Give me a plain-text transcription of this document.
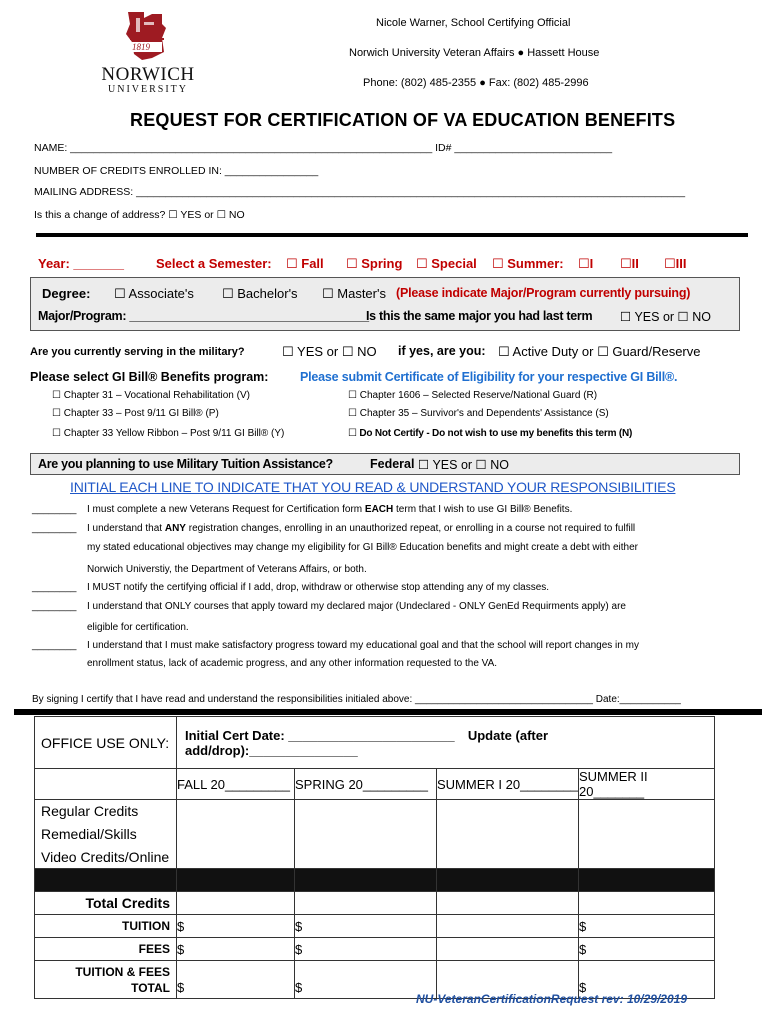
1819
NORWICH
UNIVERSITY
Nicole Warner, School Certifying Official
Norwich University Veteran Affairs ● Hassett House
Phone: (802) 485-2355 ● Fax: (802) 485-2996
REQUEST FOR CERTIFICATION OF VA EDUCATION BENEFITS
NAME: ______________________________________________________________ ID# ___________________________
NUMBER OF CREDITS ENROLLED IN: ________________
MAILING ADDRESS: ______________________________________________________________________________________________
Is this a change of address? ☐ YES or ☐ NO
Year: _______ Select a Semester: ☐ Fall ☐ Spring ☐ Special ☐ Summer: ☐I ☐II ☐III
Degree: ☐ Associate's ☐ Bachelor's ☐ Master's (Please indicate Major/Program currently pursuing)
Major/Program: ____________________________________
Is this the same major you had last term ☐ YES or ☐ NO
Are you currently serving in the military?	☐ YES or ☐ NO if yes, are you: ☐ Active Duty or ☐ Guard/Reserve
Please select GI Bill® Benefits program:	Please submit Certificate of Eligibility for your respective GI Bill®.
☐ Chapter 31 – Vocational Rehabilitation (V)
☐ Chapter 33 – Post 9/11 GI Bill® (P)
☐ Chapter 33 Yellow Ribbon – Post 9/11 GI Bill® (Y)
☐ Chapter 1606 – Selected Reserve/National Guard (R)
☐ Chapter 35 – Survivor's and Dependents' Assistance (S)
☐ Do Not Certify - Do not wish to use my benefits this term (N)
Are you planning to use Military Tuition Assistance?	Federal ☐ YES or ☐ NO
INITIAL EACH LINE TO INDICATE THAT YOU READ & UNDERSTAND YOUR RESPONSIBILITIES
________ I must complete a new Veterans Request for Certification form EACH term that I wish to use GI Bill® Benefits.
________ I understand that ANY registration changes, enrolling in an unauthorized repeat, or enrolling in a course not required to fulfill
my stated educational objectives may change my eligibility for GI Bill® Education benefits and might create a debt with either
Norwich Universtiy, the Department of Veterans Affairs, or both.
________ I MUST notify the certifying official if I add, drop, withdraw or otherwise stop attending any of my classes.
________ I understand that ONLY courses that apply toward my declared major (Undeclared - ONLY GenEd Requirments apply) are
eligible for certification.
________ I understand that I must make satisfactory progress toward my educational goal and that the school will report changes in my
enrollment status, lack of academic progress, and any other information requested to the VA.
By signing I certify that I have read and understand the responsibilities initialed above: ________________________________ Date:___________
OFFICE USE ONLY:	Initial Cert Date: _______________________ Update (after add/drop):_______________			
	FALL 20_________	SPRING 20_________	SUMMER I 20________	SUMMER II 20_______
Regular Credits				
Remedial/Skills				
Video Credits/Online				

Total Credits				
TUITION	$	$		$
FEES	$	$		$
TUITION & FEES
TOTAL	$	$		$
NU-VeteranCertificationRequest rev: 10/29/2019
